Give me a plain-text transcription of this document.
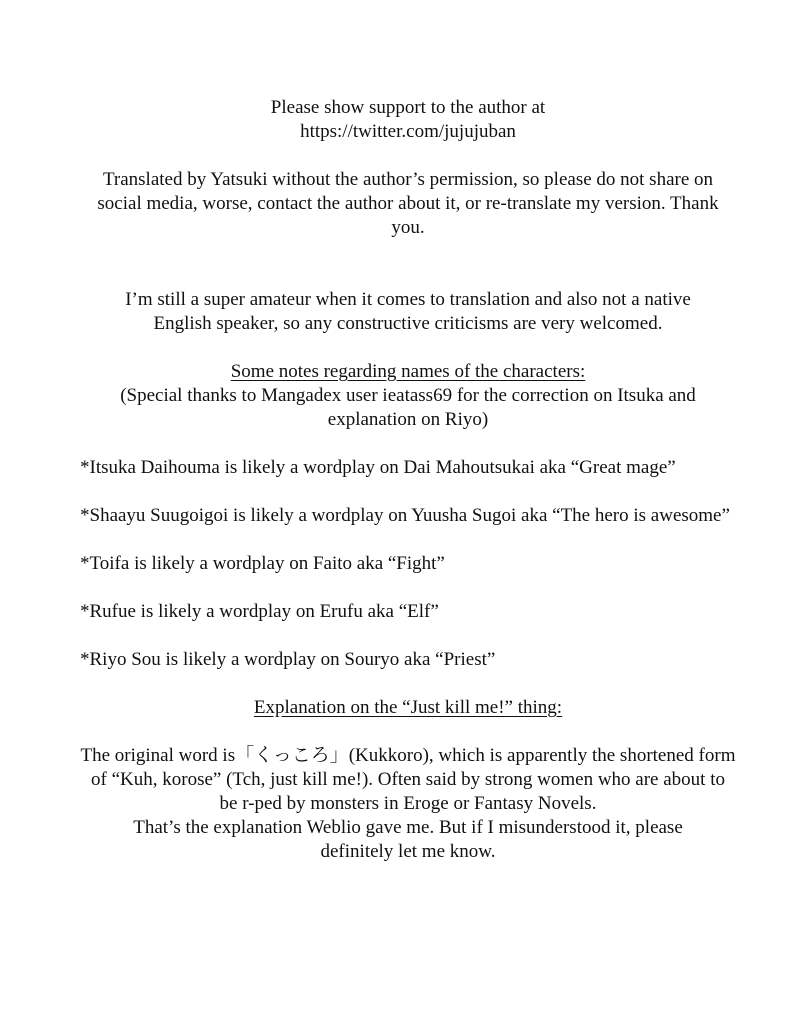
Please show support to the author at

https://twitter.com/jujujuban

Translated by Yatsuki without the author’s permission, so please do not share on social media, worse, contact the author about it, or re-translate my version. Thank you.

I’m still a super amateur when it comes to translation and also not a native English speaker, so any constructive criticisms are very welcomed.

Some notes regarding names of the characters:

(Special thanks to Mangadex user ieatass69 for the correction on Itsuka and explanation on Riyo)

*Itsuka Daihouma is likely a wordplay on Dai Mahoutsukai aka “Great mage”

*Shaayu Suugoigoi is likely a wordplay on Yuusha Sugoi aka “The hero is awesome”

*Toifa is likely a wordplay on Faito aka “Fight”

*Rufue is likely a wordplay on Erufu aka “Elf”

*Riyo Sou is likely a wordplay on Souryo aka “Priest”

Explanation on the “Just kill me!” thing:

The original word is「くっころ」(Kukkoro), which is apparently the shortened form of “Kuh, korose” (Tch, just kill me!). Often said by strong women who are about to be r-ped by monsters in Eroge or Fantasy Novels.

That’s the explanation Weblio gave me. But if I misunderstood it, please definitely let me know.
